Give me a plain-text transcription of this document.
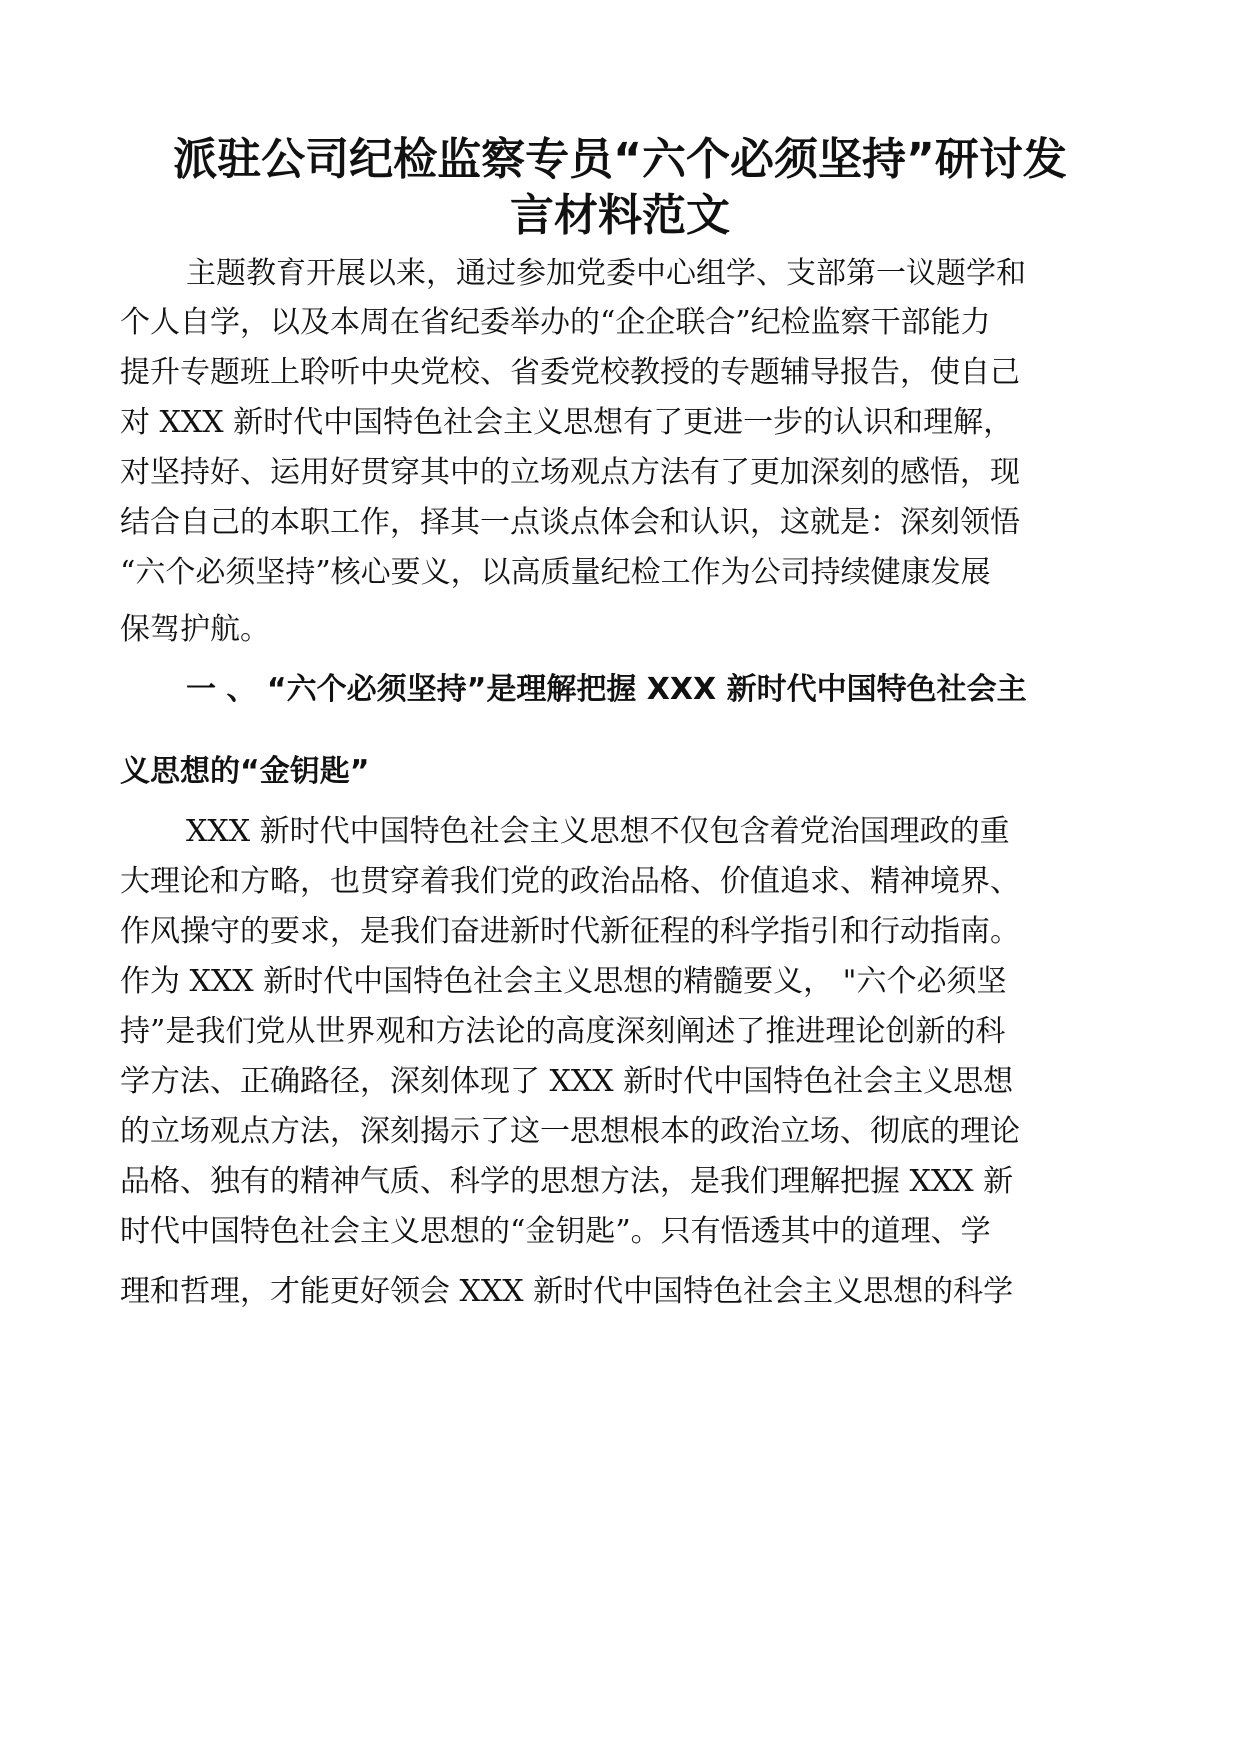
派驻公司纪检监察专员“六个必须坚持”研讨发
言材料范文
主题教育开展以来，通过参加党委中心组学、支部第一议题学和
个人自学，以及本周在省纪委举办的“企企联合”纪检监察干部能力
提升专题班上聆听中央党校、省委党校教授的专题辅导报告，使自己
对 XXX 新时代中国特色社会主义思想有了更进一步的认识和理解，
对坚持好、运用好贯穿其中的立场观点方法有了更加深刻的感悟，现
结合自己的本职工作，择其一点谈点体会和认识，这就是：深刻领悟
“六个必须坚持”核心要义，以高质量纪检工作为公司持续健康发展
保驾护航。
一 、 “六个必须坚持”是理解把握 XXX 新时代中国特色社会主
义思想的“金钥匙”
XXX 新时代中国特色社会主义思想不仅包含着党治国理政的重
大理论和方略，也贯穿着我们党的政治品格、价值追求、精神境界、
作风操守的要求，是我们奋进新时代新征程的科学指引和行动指南。
作为 XXX 新时代中国特色社会主义思想的精髓要义， "六个必须坚
持”是我们党从世界观和方法论的高度深刻阐述了推进理论创新的科
学方法、正确路径，深刻体现了 XXX 新时代中国特色社会主义思想
的立场观点方法，深刻揭示了这一思想根本的政治立场、彻底的理论
品格、独有的精神气质、科学的思想方法，是我们理解把握 XXX 新
时代中国特色社会主义思想的“金钥匙”。只有悟透其中的道理、学
理和哲理，才能更好领会 XXX 新时代中国特色社会主义思想的科学
